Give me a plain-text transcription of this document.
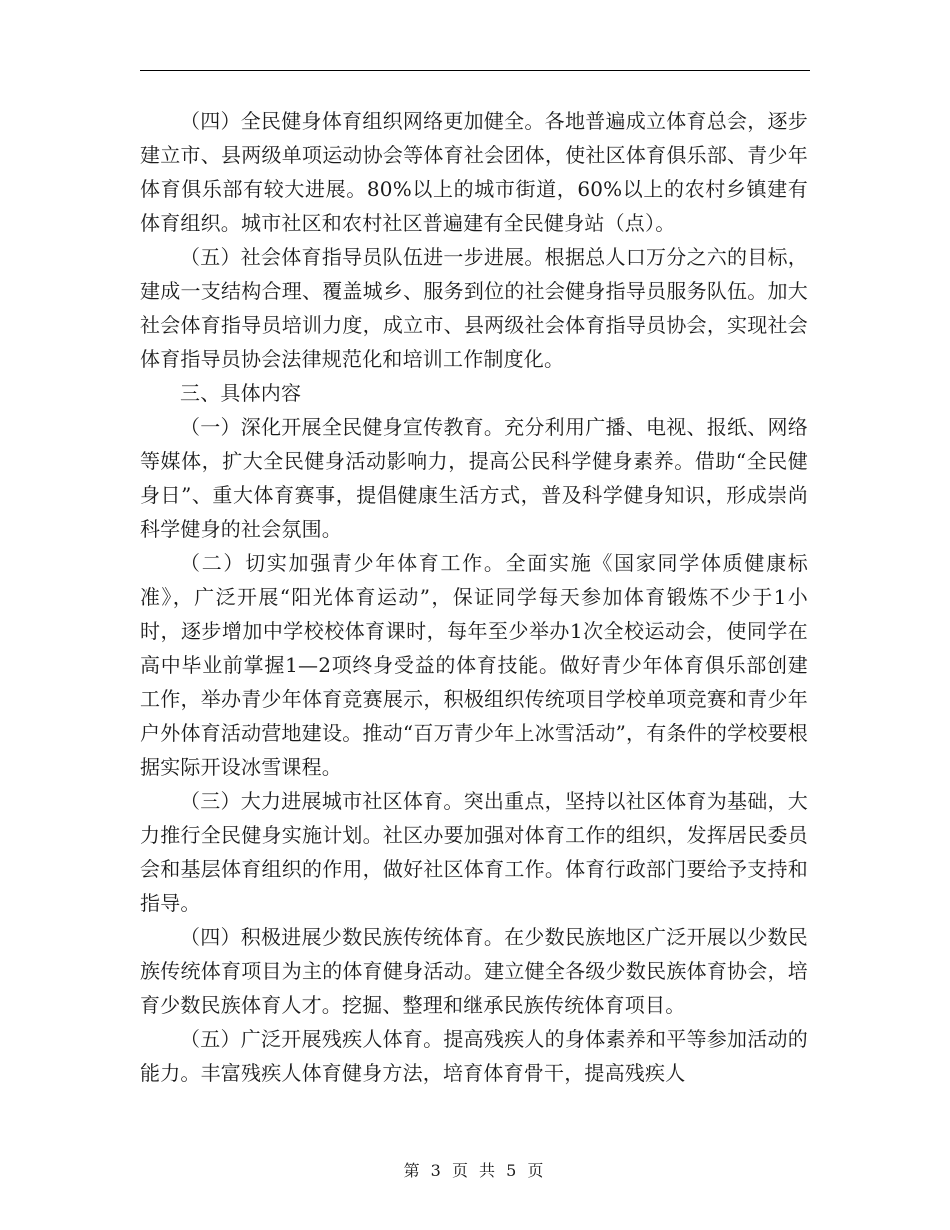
（四）全民健身体育组织网络更加健全。各地普遍成立体育总会，逐步建立市、县两级单项运动协会等体育社会团体，使社区体育俱乐部、青少年体育俱乐部有较大进展。80%以上的城市街道，60%以上的农村乡镇建有体育组织。城市社区和农村社区普遍建有全民健身站（点）。

（五）社会体育指导员队伍进一步进展。根据总人口万分之六的目标，建成一支结构合理、覆盖城乡、服务到位的社会健身指导员服务队伍。加大社会体育指导员培训力度，成立市、县两级社会体育指导员协会，实现社会体育指导员协会法律规范化和培训工作制度化。

三、具体内容

（一）深化开展全民健身宣传教育。充分利用广播、电视、报纸、网络等媒体，扩大全民健身活动影响力，提高公民科学健身素养。借助“全民健身日”、重大体育赛事，提倡健康生活方式，普及科学健身知识，形成崇尚科学健身的社会氛围。

（二）切实加强青少年体育工作。全面实施《国家同学体质健康标准》，广泛开展“阳光体育运动”，保证同学每天参加体育锻炼不少于1小时，逐步增加中学校校体育课时，每年至少举办1次全校运动会，使同学在高中毕业前掌握1—2项终身受益的体育技能。做好青少年体育俱乐部创建工作，举办青少年体育竞赛展示，积极组织传统项目学校单项竞赛和青少年户外体育活动营地建设。推动“百万青少年上冰雪活动”，有条件的学校要根据实际开设冰雪课程。

（三）大力进展城市社区体育。突出重点，坚持以社区体育为基础，大力推行全民健身实施计划。社区办要加强对体育工作的组织，发挥居民委员会和基层体育组织的作用，做好社区体育工作。体育行政部门要给予支持和指导。

（四）积极进展少数民族传统体育。在少数民族地区广泛开展以少数民族传统体育项目为主的体育健身活动。建立健全各级少数民族体育协会，培育少数民族体育人才。挖掘、整理和继承民族传统体育项目。

（五）广泛开展残疾人体育。提高残疾人的身体素养和平等参加活动的能力。丰富残疾人体育健身方法，培育体育骨干，提高残疾人

第 3 页 共 5 页
